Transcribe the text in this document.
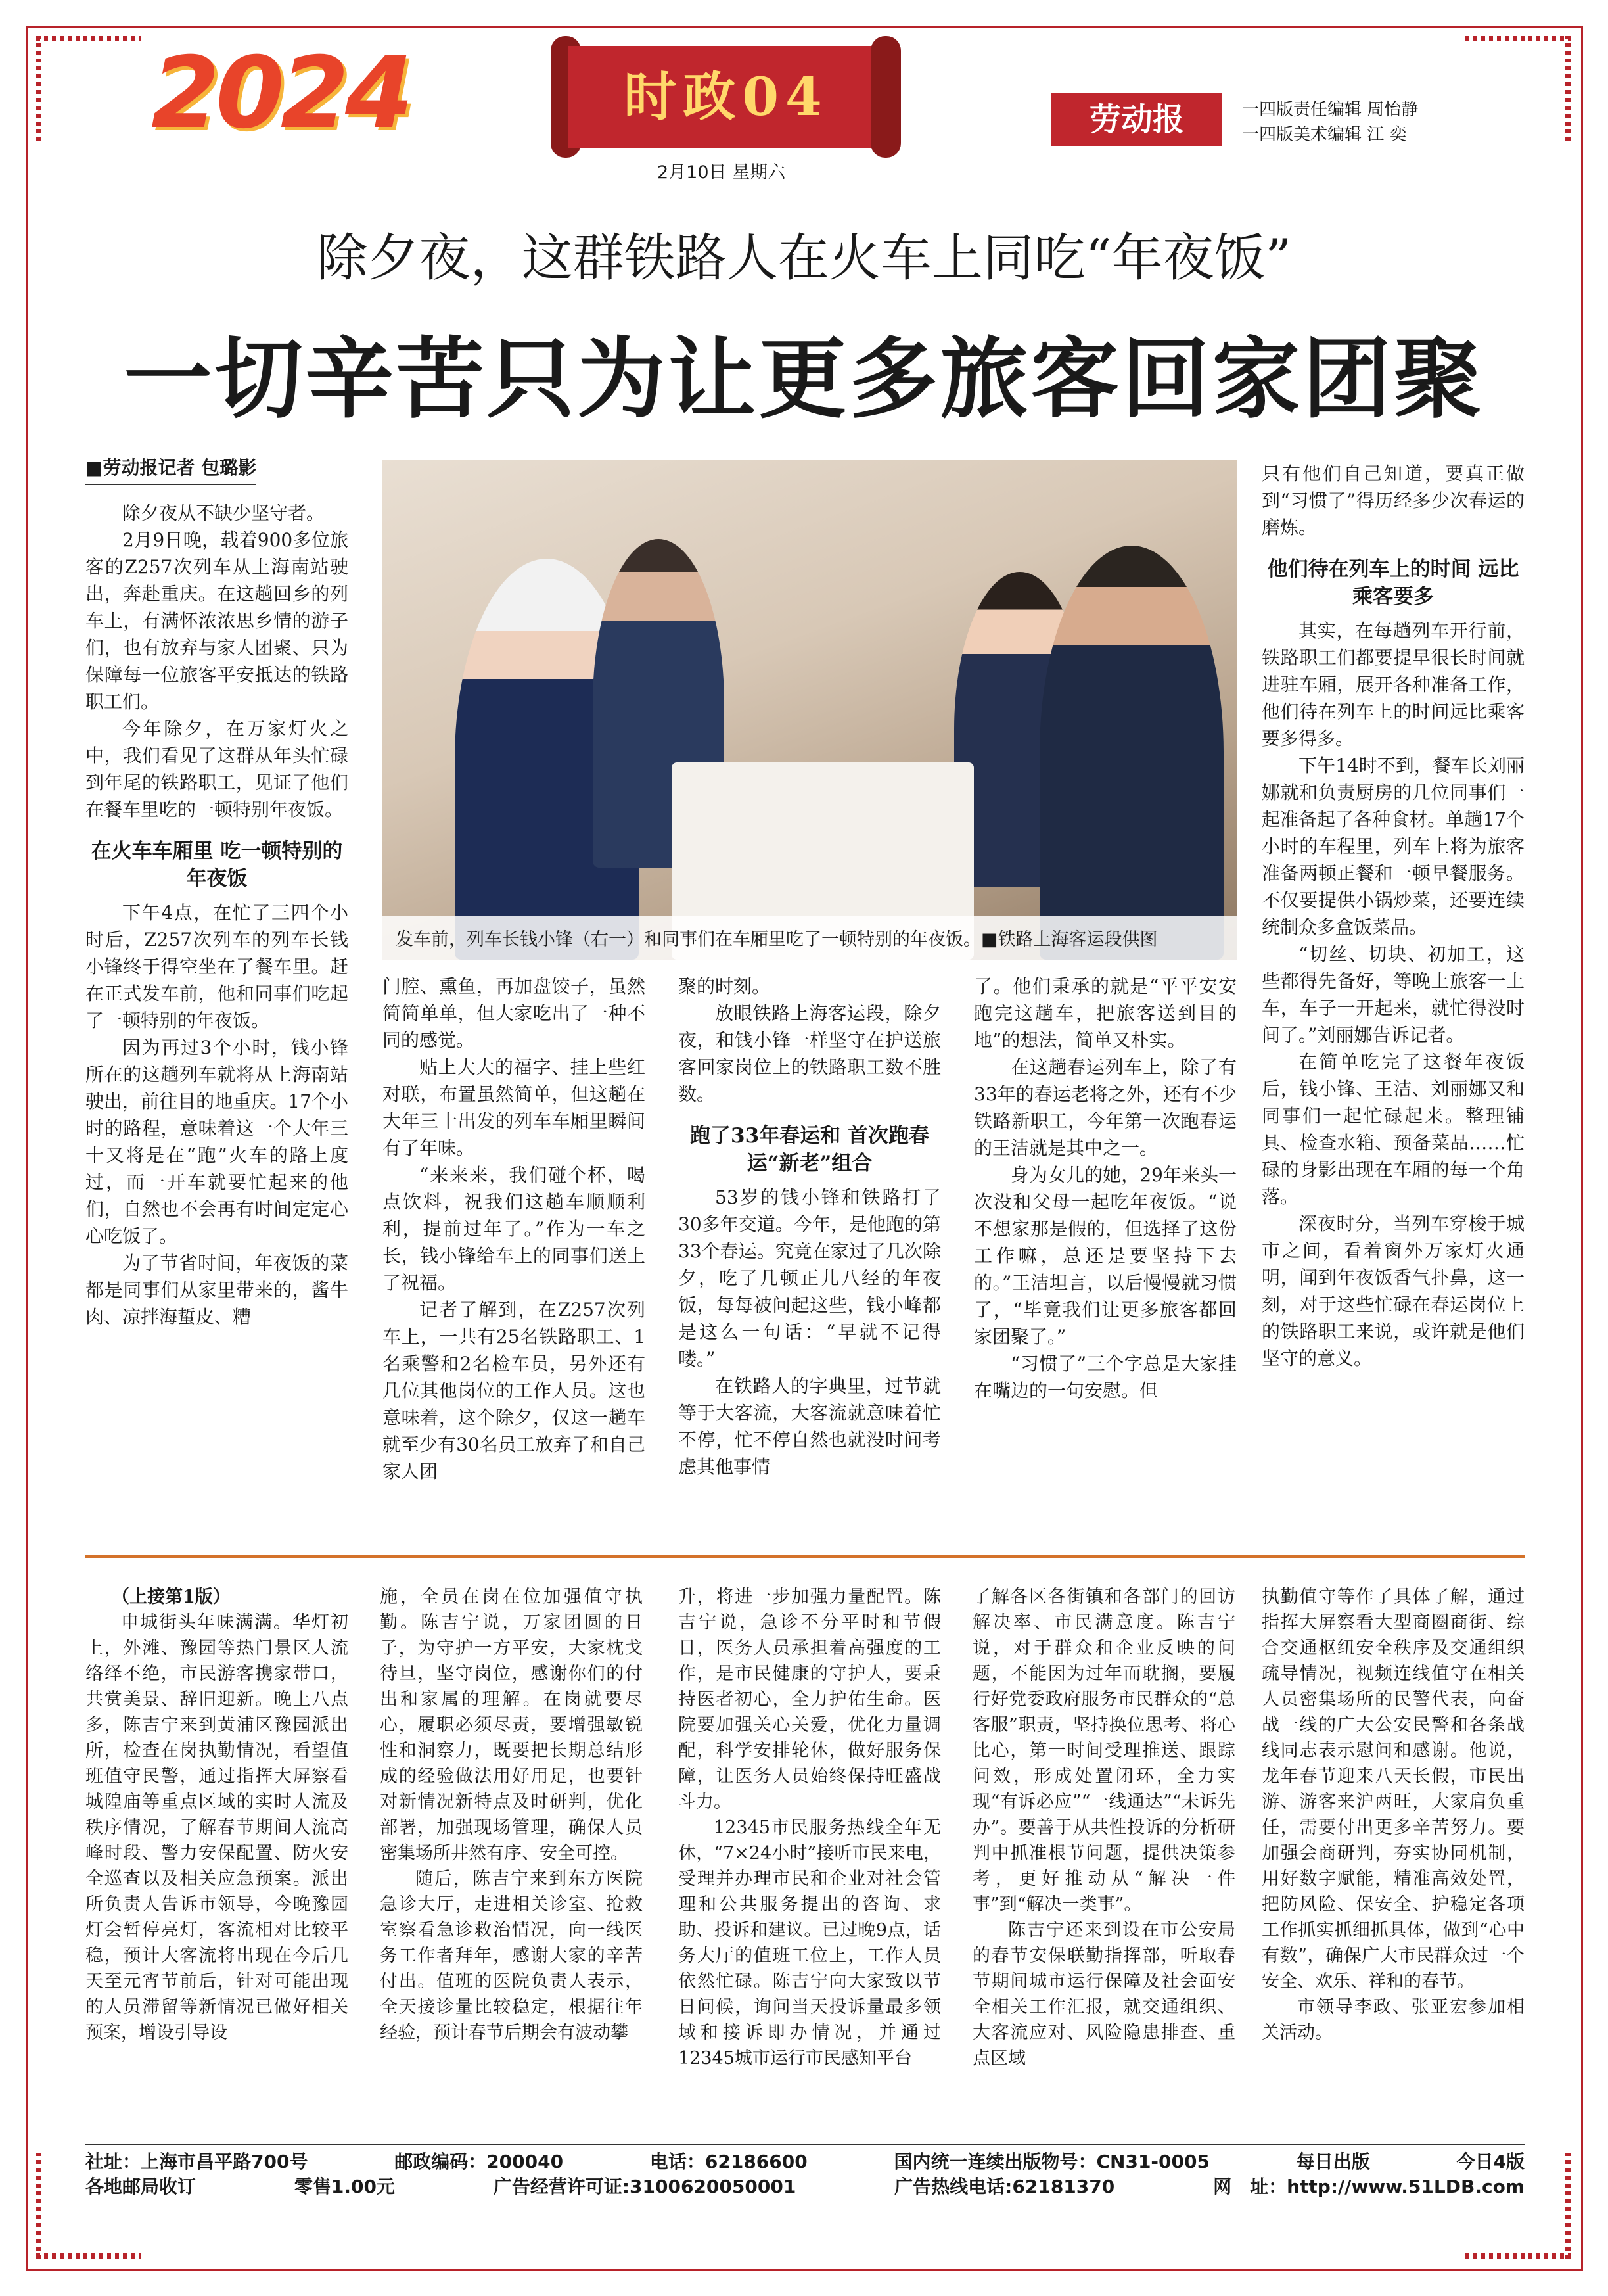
2024	时政04
2月10日 星期六
劳动报	一四版责任编辑 周怡静
一四版美术编辑 江 奕
除夕夜，这群铁路人在火车上同吃“年夜饭”
一切辛苦只为让更多旅客回家团聚
■劳动报记者 包璐影

除夕夜从不缺少坚守者。

2月9日晚，载着900多位旅客的Z257次列车从上海南站驶出，奔赴重庆。在这趟回乡的列车上，有满怀浓浓思乡情的游子们，也有放弃与家人团聚、只为保障每一位旅客平安抵达的铁路职工们。

今年除夕，在万家灯火之中，我们看见了这群从年头忙碌到年尾的铁路职工，见证了他们在餐车里吃的一顿特别年夜饭。

在火车车厢里 吃一顿特别的年夜饭

下午4点，在忙了三四个小时后，Z257次列车的列车长钱小锋终于得空坐在了餐车里。赶在正式发车前，他和同事们吃起了一顿特别的年夜饭。

因为再过3个小时，钱小锋所在的这趟列车就将从上海南站驶出，前往目的地重庆。17个小时的路程，意味着这一个大年三十又将是在“跑”火车的路上度过，而一开车就要忙起来的他们，自然也不会再有时间定定心心吃饭了。

为了节省时间，年夜饭的菜都是同事们从家里带来的，酱牛肉、凉拌海蜇皮、糟

发车前，列车长钱小锋（右一）和同事们在车厢里吃了一顿特别的年夜饭。■铁路上海客运段供图

门腔、熏鱼，再加盘饺子，虽然简简单单，但大家吃出了一种不同的感觉。

贴上大大的福字、挂上些红对联，布置虽然简单，但这趟在大年三十出发的列车车厢里瞬间有了年味。

“来来来，我们碰个杯，喝点饮料，祝我们这趟车顺顺利利，提前过年了。”作为一车之长，钱小锋给车上的同事们送上了祝福。

记者了解到，在Z257次列车上，一共有25名铁路职工、1名乘警和2名检车员，另外还有几位其他岗位的工作人员。这也意味着，这个除夕，仅这一趟车就至少有30名员工放弃了和自己家人团

聚的时刻。

放眼铁路上海客运段，除夕夜，和钱小锋一样坚守在护送旅客回家岗位上的铁路职工数不胜数。

跑了33年春运和 首次跑春运“新老”组合

53岁的钱小锋和铁路打了30多年交道。今年，是他跑的第33个春运。究竟在家过了几次除夕，吃了几顿正儿八经的年夜饭，每每被问起这些，钱小峰都是这么一句话：“早就不记得喽。”

在铁路人的字典里，过节就等于大客流，大客流就意味着忙不停，忙不停自然也就没时间考虑其他事情

了。他们秉承的就是“平平安安跑完这趟车，把旅客送到目的地”的想法，简单又朴实。

在这趟春运列车上，除了有33年的春运老将之外，还有不少铁路新职工，今年第一次跑春运的王洁就是其中之一。

身为女儿的她，29年来头一次没和父母一起吃年夜饭。“说不想家那是假的，但选择了这份工作嘛，总还是要坚持下去的。”王洁坦言，以后慢慢就习惯了，“毕竟我们让更多旅客都回家团聚了。”

“习惯了”三个字总是大家挂在嘴边的一句安慰。但

只有他们自己知道，要真正做到“习惯了”得历经多少次春运的磨炼。

他们待在列车上的时间 远比乘客要多

其实，在每趟列车开行前，铁路职工们都要提早很长时间就进驻车厢，展开各种准备工作，他们待在列车上的时间远比乘客要多得多。

下午14时不到，餐车长刘丽娜就和负责厨房的几位同事们一起准备起了各种食材。单趟17个小时的车程里，列车上将为旅客准备两顿正餐和一顿早餐服务。不仅要提供小锅炒菜，还要连续统制众多盒饭菜品。

“切丝、切块、初加工，这些都得先备好，等晚上旅客一上车，车子一开起来，就忙得没时间了。”刘丽娜告诉记者。

在简单吃完了这餐年夜饭后，钱小锋、王洁、刘丽娜又和同事们一起忙碌起来。整理铺具、检查水箱、预备菜品……忙碌的身影出现在车厢的每一个角落。

深夜时分，当列车穿梭于城市之间，看着窗外万家灯火通明，闻到年夜饭香气扑鼻，这一刻，对于这些忙碌在春运岗位上的铁路职工来说，或许就是他们坚守的意义。

（上接第1版）

申城街头年味满满。华灯初上，外滩、豫园等热门景区人流络绎不绝，市民游客携家带口，共赏美景、辞旧迎新。晚上八点多，陈吉宁来到黄浦区豫园派出所，检查在岗执勤情况，看望值班值守民警，通过指挥大屏察看城隍庙等重点区域的实时人流及秩序情况，了解春节期间人流高峰时段、警力安保配置、防火安全巡查以及相关应急预案。派出所负责人告诉市领导，今晚豫园灯会暂停亮灯，客流相对比较平稳，预计大客流将出现在今后几天至元宵节前后，针对可能出现的人员滞留等新情况已做好相关预案，增设引导设

施，全员在岗在位加强值守执勤。陈吉宁说，万家团圆的日子，为守护一方平安，大家枕戈待旦，坚守岗位，感谢你们的付出和家属的理解。在岗就要尽心，履职必须尽责，要增强敏锐性和洞察力，既要把长期总结形成的经验做法用好用足，也要针对新情况新特点及时研判，优化部署，加强现场管理，确保人员密集场所井然有序、安全可控。

随后，陈吉宁来到东方医院急诊大厅，走进相关诊室、抢救室察看急诊救治情况，向一线医务工作者拜年，感谢大家的辛苦付出。值班的医院负责人表示，全天接诊量比较稳定，根据往年经验，预计春节后期会有波动攀

升，将进一步加强力量配置。陈吉宁说，急诊不分平时和节假日，医务人员承担着高强度的工作，是市民健康的守护人，要秉持医者初心，全力护佑生命。医院要加强关心关爱，优化力量调配，科学安排轮休，做好服务保障，让医务人员始终保持旺盛战斗力。

12345市民服务热线全年无休，“7×24小时”接听市民来电，受理并办理市民和企业对社会管理和公共服务提出的咨询、求助、投诉和建议。已过晚9点，话务大厅的值班工位上，工作人员依然忙碌。陈吉宁向大家致以节日问候，询问当天投诉量最多领域和接诉即办情况，并通过12345城市运行市民感知平台

了解各区各街镇和各部门的回访解决率、市民满意度。陈吉宁说，对于群众和企业反映的问题，不能因为过年而耽搁，要履行好党委政府服务市民群众的“总客服”职责，坚持换位思考、将心比心，第一时间受理推送、跟踪问效，形成处置闭环，全力实现“有诉必应”“一线通达”“未诉先办”。要善于从共性投诉的分析研判中抓准根节问题，提供决策参考，更好推动从“解决一件事”到“解决一类事”。

陈吉宁还来到设在市公安局的春节安保联勤指挥部，听取春节期间城市运行保障及社会面安全相关工作汇报，就交通组织、大客流应对、风险隐患排查、重点区域

执勤值守等作了具体了解，通过指挥大屏察看大型商圈商街、综合交通枢纽安全秩序及交通组织疏导情况，视频连线值守在相关人员密集场所的民警代表，向奋战一线的广大公安民警和各条战线同志表示慰问和感谢。他说，龙年春节迎来八天长假，市民出游、游客来沪两旺，大家肩负重任，需要付出更多辛苦努力。要加强会商研判，夯实协同机制，用好数字赋能，精准高效处置，把防风险、保安全、护稳定各项工作抓实抓细抓具体，做到“心中有数”，确保广大市民群众过一个安全、欢乐、祥和的春节。

市领导李政、张亚宏参加相关活动。

社址：上海市昌平路700号	邮政编码：200040	电话：62186600	国内统一连续出版物号：CN31-0005	每日出版	今日4版
各地邮局收订	零售1.00元	广告经营许可证:3100620050001	广告热线电话:62181370	网　址：http://www.51LDB.com
